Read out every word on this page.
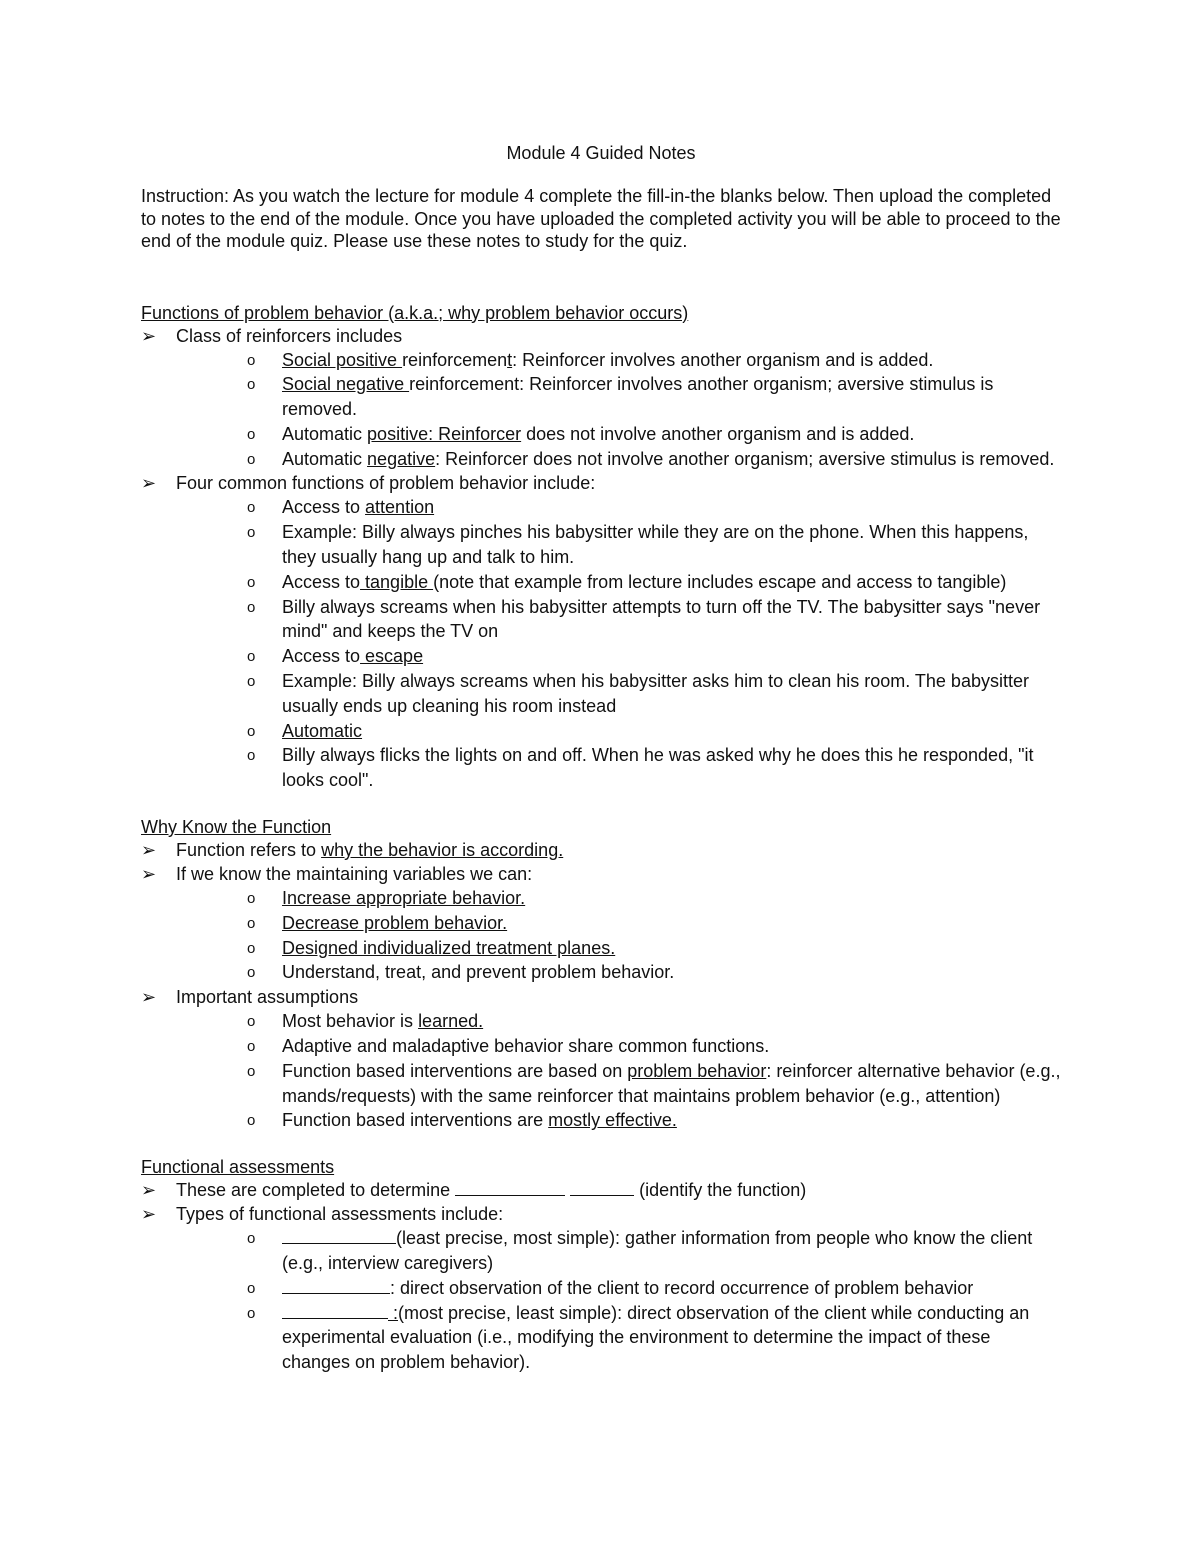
Module 4 Guided Notes

Instruction: As you watch the lecture for module 4 complete the fill-in-the blanks below. Then upload the completed to notes to the end of the module. Once you have uploaded the completed activity you will be able to proceed to the end of the module quiz. Please use these notes to study for the quiz.

Functions of problem behavior (a.k.a.; why problem behavior occurs)
➢ Class of reinforcers includes
o Social positive reinforcement: Reinforcer involves another organism and is added.
o Social negative reinforcement: Reinforcer involves another organism; aversive stimulus is removed.
o Automatic positive: Reinforcer does not involve another organism and is added.
o Automatic negative: Reinforcer does not involve another organism; aversive stimulus is removed.
➢ Four common functions of problem behavior include:
o Access to attention
o Example: Billy always pinches his babysitter while they are on the phone. When this happens, they usually hang up and talk to him.
o Access to tangible (note that example from lecture includes escape and access to tangible)
o Billy always screams when his babysitter attempts to turn off the TV. The babysitter says "never mind" and keeps the TV on
o Access to escape
o Example: Billy always screams when his babysitter asks him to clean his room. The babysitter usually ends up cleaning his room instead
o Automatic
o Billy always flicks the lights on and off. When he was asked why he does this he responded, "it looks cool".
Why Know the Function
➢ Function refers to why the behavior is according.
➢ If we know the maintaining variables we can:
o Increase appropriate behavior.
o Decrease problem behavior.
o Designed individualized treatment planes.
o Understand, treat, and prevent problem behavior.
➢ Important assumptions
o Most behavior is learned.
o Adaptive and maladaptive behavior share common functions.
o Function based interventions are based on problem behavior: reinforcer alternative behavior (e.g., mands/requests) with the same reinforcer that maintains problem behavior (e.g., attention)
o Function based interventions are mostly effective.
Functional assessments
➢ These are completed to determine	(identify the function)
➢ Types of functional assessments include:
o	(least precise, most simple): gather information from people who know the client (e.g., interview caregivers)
o	: direct observation of the client to record occurrence of problem behavior
o	:(most precise, least simple): direct observation of the client while conducting an experimental evaluation (i.e., modifying the environment to determine the impact of these changes on problem behavior).
